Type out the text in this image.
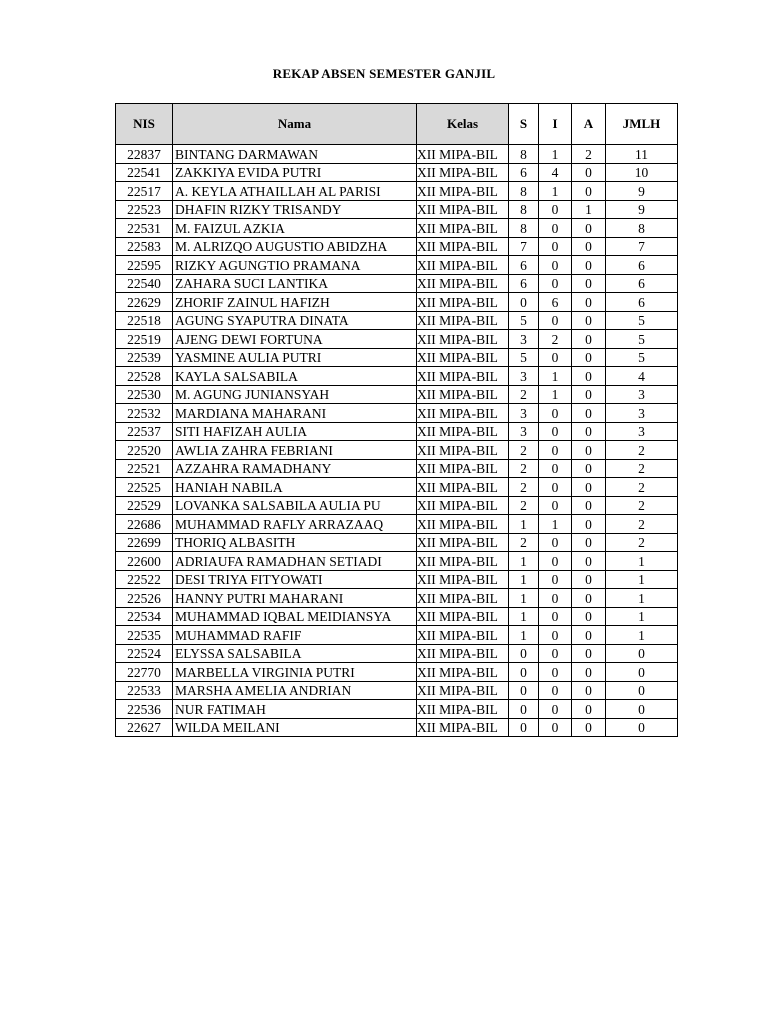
REKAP ABSEN SEMESTER GANJIL
NIS	Nama	Kelas	S	I	A	JMLH
22837	BINTANG DARMAWAN	XII MIPA-BIL	8	1	2	11
22541	ZAKKIYA EVIDA PUTRI	XII MIPA-BIL	6	4	0	10
22517	A. KEYLA ATHAILLAH AL PARISI	XII MIPA-BIL	8	1	0	9
22523	DHAFIN RIZKY TRISANDY	XII MIPA-BIL	8	0	1	9
22531	M. FAIZUL AZKIA	XII MIPA-BIL	8	0	0	8
22583	M. ALRIZQO AUGUSTIO ABIDZHA	XII MIPA-BIL	7	0	0	7
22595	RIZKY AGUNGTIO PRAMANA	XII MIPA-BIL	6	0	0	6
22540	ZAHARA SUCI LANTIKA	XII MIPA-BIL	6	0	0	6
22629	ZHORIF ZAINUL HAFIZH	XII MIPA-BIL	0	6	0	6
22518	AGUNG SYAPUTRA DINATA	XII MIPA-BIL	5	0	0	5
22519	AJENG DEWI FORTUNA	XII MIPA-BIL	3	2	0	5
22539	YASMINE AULIA PUTRI	XII MIPA-BIL	5	0	0	5
22528	KAYLA SALSABILA	XII MIPA-BIL	3	1	0	4
22530	M. AGUNG JUNIANSYAH	XII MIPA-BIL	2	1	0	3
22532	MARDIANA MAHARANI	XII MIPA-BIL	3	0	0	3
22537	SITI HAFIZAH AULIA	XII MIPA-BIL	3	0	0	3
22520	AWLIA ZAHRA FEBRIANI	XII MIPA-BIL	2	0	0	2
22521	AZZAHRA RAMADHANY	XII MIPA-BIL	2	0	0	2
22525	HANIAH NABILA	XII MIPA-BIL	2	0	0	2
22529	LOVANKA SALSABILA AULIA PU	XII MIPA-BIL	2	0	0	2
22686	MUHAMMAD RAFLY ARRAZAAQ	XII MIPA-BIL	1	1	0	2
22699	THORIQ ALBASITH	XII MIPA-BIL	2	0	0	2
22600	ADRIAUFA RAMADHAN SETIADI	XII MIPA-BIL	1	0	0	1
22522	DESI TRIYA FITYOWATI	XII MIPA-BIL	1	0	0	1
22526	HANNY PUTRI MAHARANI	XII MIPA-BIL	1	0	0	1
22534	MUHAMMAD IQBAL MEIDIANSYA	XII MIPA-BIL	1	0	0	1
22535	MUHAMMAD RAFIF	XII MIPA-BIL	1	0	0	1
22524	ELYSSA SALSABILA	XII MIPA-BIL	0	0	0	0
22770	MARBELLA VIRGINIA PUTRI	XII MIPA-BIL	0	0	0	0
22533	MARSHA AMELIA ANDRIAN	XII MIPA-BIL	0	0	0	0
22536	NUR FATIMAH	XII MIPA-BIL	0	0	0	0
22627	WILDA MEILANI	XII MIPA-BIL	0	0	0	0
